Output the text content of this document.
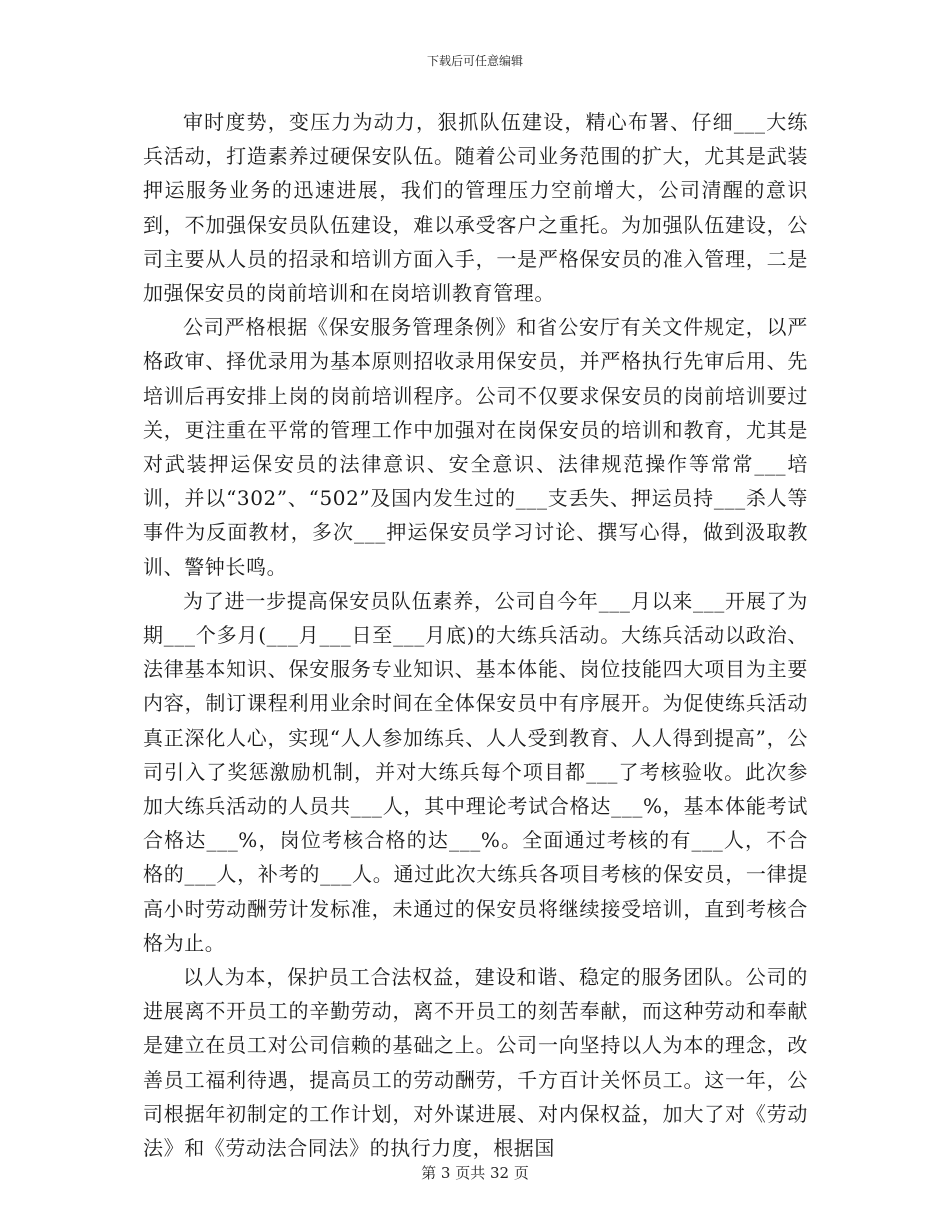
下载后可任意编辑

审时度势，变压力为动力，狠抓队伍建设，精心布署、仔细___大练兵活动，打造素养过硬保安队伍。随着公司业务范围的扩大，尤其是武装押运服务业务的迅速进展，我们的管理压力空前增大，公司清醒的意识到，不加强保安员队伍建设，难以承受客户之重托。为加强队伍建设，公司主要从人员的招录和培训方面入手，一是严格保安员的准入管理，二是加强保安员的岗前培训和在岗培训教育管理。

公司严格根据《保安服务管理条例》和省公安厅有关文件规定，以严格政审、择优录用为基本原则招收录用保安员，并严格执行先审后用、先培训后再安排上岗的岗前培训程序。公司不仅要求保安员的岗前培训要过关，更注重在平常的管理工作中加强对在岗保安员的培训和教育，尤其是对武装押运保安员的法律意识、安全意识、法律规范操作等常常___培训，并以“302”、“502”及国内发生过的___支丢失、押运员持___杀人等事件为反面教材，多次___押运保安员学习讨论、撰写心得，做到汲取教训、警钟长鸣。

为了进一步提高保安员队伍素养，公司自今年___月以来___开展了为期___个多月(___月___日至___月底)的大练兵活动。大练兵活动以政治、法律基本知识、保安服务专业知识、基本体能、岗位技能四大项目为主要内容，制订课程利用业余时间在全体保安员中有序展开。为促使练兵活动真正深化人心，实现“人人参加练兵、人人受到教育、人人得到提高”，公司引入了奖惩激励机制，并对大练兵每个项目都___了考核验收。此次参加大练兵活动的人员共___人，其中理论考试合格达___%，基本体能考试合格达___%，岗位考核合格的达___%。全面通过考核的有___人，不合格的___人，补考的___人。通过此次大练兵各项目考核的保安员，一律提高小时劳动酬劳计发标准，未通过的保安员将继续接受培训，直到考核合格为止。

以人为本，保护员工合法权益，建设和谐、稳定的服务团队。公司的进展离不开员工的辛勤劳动，离不开员工的刻苦奉献，而这种劳动和奉献是建立在员工对公司信赖的基础之上。公司一向坚持以人为本的理念，改善员工福利待遇，提高员工的劳动酬劳，千方百计关怀员工。这一年，公司根据年初制定的工作计划，对外谋进展、对内保权益，加大了对《劳动法》和《劳动法合同法》的执行力度，根据国

第 3 页共 32 页
